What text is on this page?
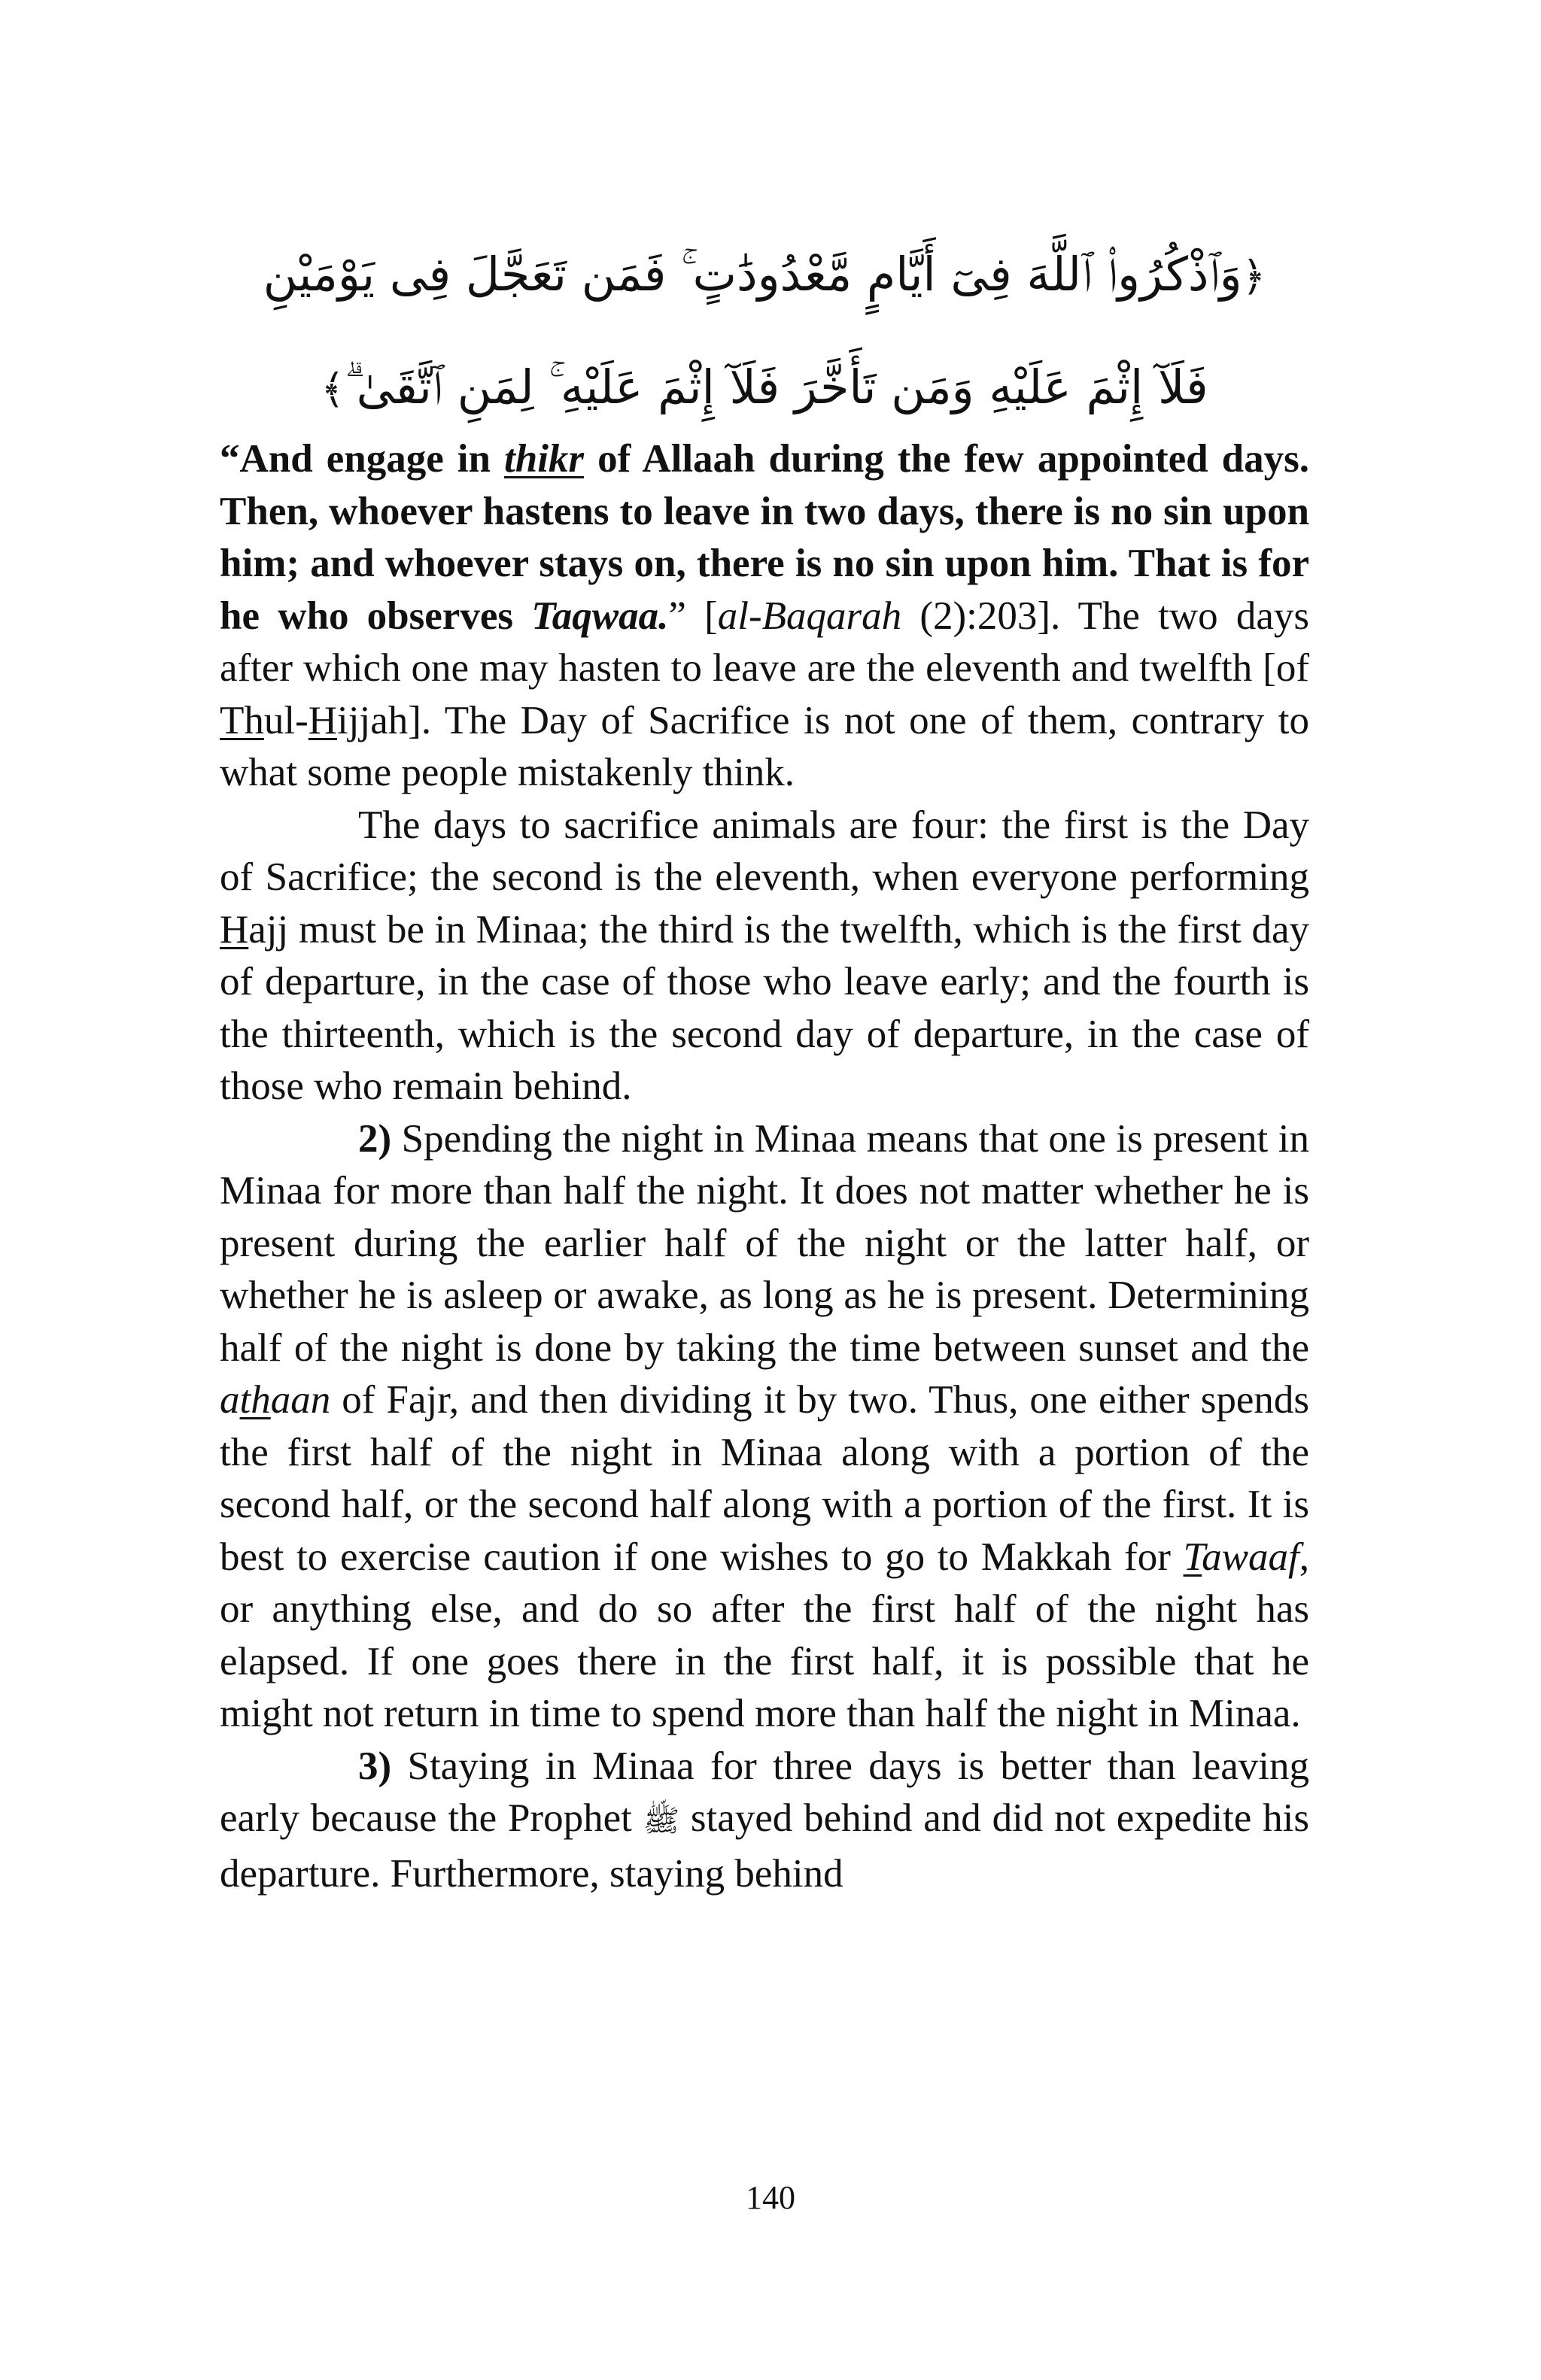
﴿وَٱذْكُرُوا۟ ٱللَّهَ فِىٓ أَيَّامٍ مَّعْدُودَٰتٍ ۚ فَمَن تَعَجَّلَ فِى يَوْمَيْنِ
فَلَآ إِثْمَ عَلَيْهِ وَمَن تَأَخَّرَ فَلَآ إِثْمَ عَلَيْهِ ۚ لِمَنِ ٱتَّقَىٰ ۗ﴾

“And engage in thikr of Allaah during the few appointed days. Then, whoever hastens to leave in two days, there is no sin upon him; and whoever stays on, there is no sin upon him. That is for he who observes Taqwaa.” [al-Baqarah (2):203]. The two days after which one may hasten to leave are the eleventh and twelfth [of Thul-Hijjah]. The Day of Sacrifice is not one of them, contrary to what some people mistakenly think.

The days to sacrifice animals are four: the first is the Day of Sacrifice; the second is the eleventh, when everyone performing Hajj must be in Minaa; the third is the twelfth, which is the first day of departure, in the case of those who leave early; and the fourth is the thirteenth, which is the second day of departure, in the case of those who remain behind.

2) Spending the night in Minaa means that one is present in Minaa for more than half the night. It does not matter whether he is present during the earlier half of the night or the latter half, or whether he is asleep or awake, as long as he is present. Determining half of the night is done by taking the time between sunset and the athaan of Fajr, and then dividing it by two. Thus, one either spends the first half of the night in Minaa along with a portion of the second half, or the second half along with a portion of the first. It is best to exercise caution if one wishes to go to Makkah for Tawaaf, or anything else, and do so after the first half of the night has elapsed. If one goes there in the first half, it is possible that he might not return in time to spend more than half the night in Minaa.

3) Staying in Minaa for three days is better than leaving early because the Prophet ﷺ stayed behind and did not expedite his departure. Furthermore, staying behind

140
